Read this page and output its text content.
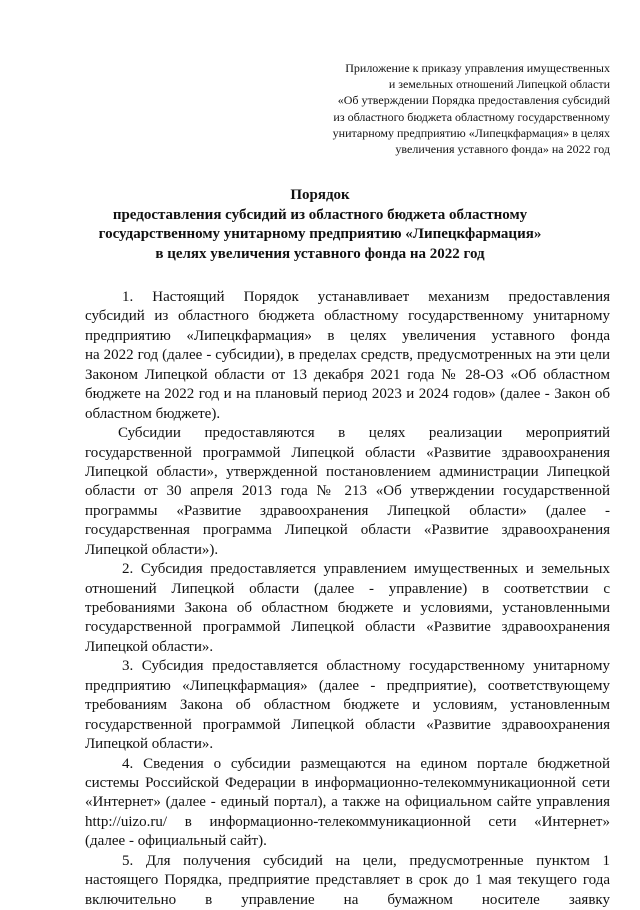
Приложение к приказу управления имущественных
и земельных отношений Липецкой области
«Об утверждении Порядка предоставления субсидий
из областного бюджета областному государственному
унитарному предприятию «Липецкфармация» в целях
увеличения уставного фонда» на 2022 год
Порядок
предоставления субсидий из областного бюджета областному
государственному унитарному предприятию «Липецкфармация»
в целях увеличения уставного фонда на 2022 год
1. Настоящий Порядок устанавливает механизм предоставления
субсидий из областного бюджета областному государственному унитарному
предприятию «Липецкфармация» в целях увеличения уставного фонда
на 2022 год (далее - субсидии), в пределах средств, предусмотренных на эти цели
Законом Липецкой области от 13 декабря 2021 года № 28-ОЗ «Об областном
бюджете на 2022 год и на плановый период 2023 и 2024 годов» (далее - Закон об
областном бюджете).
Субсидии предоставляются в целях реализации мероприятий
государственной программой Липецкой области «Развитие здравоохранения
Липецкой области», утвержденной постановлением администрации Липецкой
области от 30 апреля 2013 года № 213 «Об утверждении государственной
программы «Развитие здравоохранения Липецкой области» (далее -
государственная программа Липецкой области «Развитие здравоохранения
Липецкой области»).
2. Субсидия предоставляется управлением имущественных и земельных
отношений Липецкой области (далее - управление) в соответствии с
требованиями Закона об областном бюджете и условиями, установленными
государственной программой Липецкой области «Развитие здравоохранения
Липецкой области».
3. Субсидия предоставляется областному государственному унитарному
предприятию «Липецкфармация» (далее - предприятие), соответствующему
требованиям Закона об областном бюджете и условиям, установленным
государственной программой Липецкой области «Развитие здравоохранения
Липецкой области».
4. Сведения о субсидии размещаются на едином портале бюджетной
системы Российской Федерации в информационно-телекоммуникационной сети
«Интернет» (далее - единый портал), а также на официальном сайте управления
http://uizo.ru/ в информационно-телекоммуникационной сети «Интернет»
(далее - официальный сайт).
5. Для получения субсидий на цели, предусмотренные пунктом 1
настоящего Порядка, предприятие представляет в срок до 1 мая текущего года
включительно в управление на бумажном носителе заявку
